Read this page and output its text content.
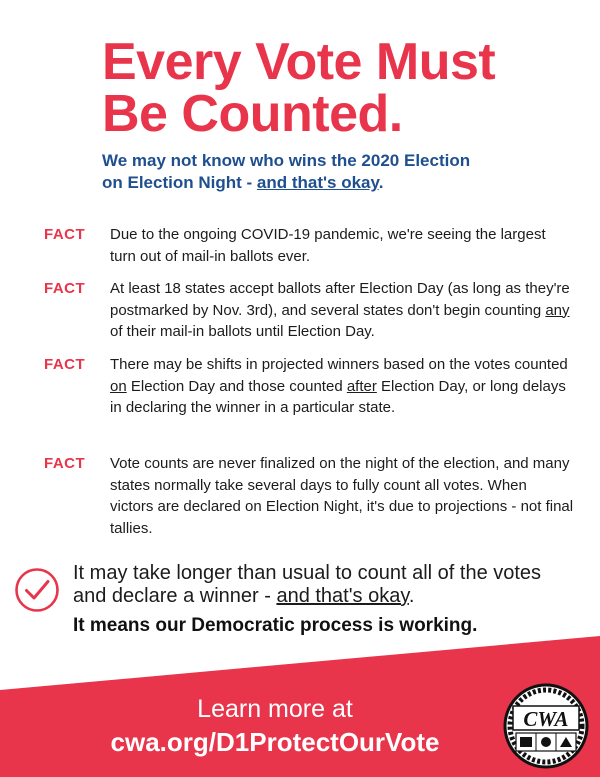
Every Vote Must
Be Counted.

We may not know who wins the 2020 Election
on Election Night - and that's okay.

FACT	Due to the ongoing COVID-19 pandemic, we're seeing the largest turn out of mail-in ballots ever.
FACT	At least 18 states accept ballots after Election Day (as long as they're postmarked by Nov. 3rd), and several states don't begin counting any of their mail-in ballots until Election Day.
FACT	There may be shifts in projected winners based on the votes counted on Election Day and those counted after Election Day, or long delays in declaring the winner in a particular state.
FACT	Vote counts are never finalized on the night of the election, and many states normally take several days to fully count all votes. When victors are declared on Election Night, it's due to projections - not final tallies.

It may take longer than usual to count all of the votes and declare a winner - and that's okay.

It means our Democratic process is working.

Learn more at
cwa.org/D1ProtectOurVote
CWA
